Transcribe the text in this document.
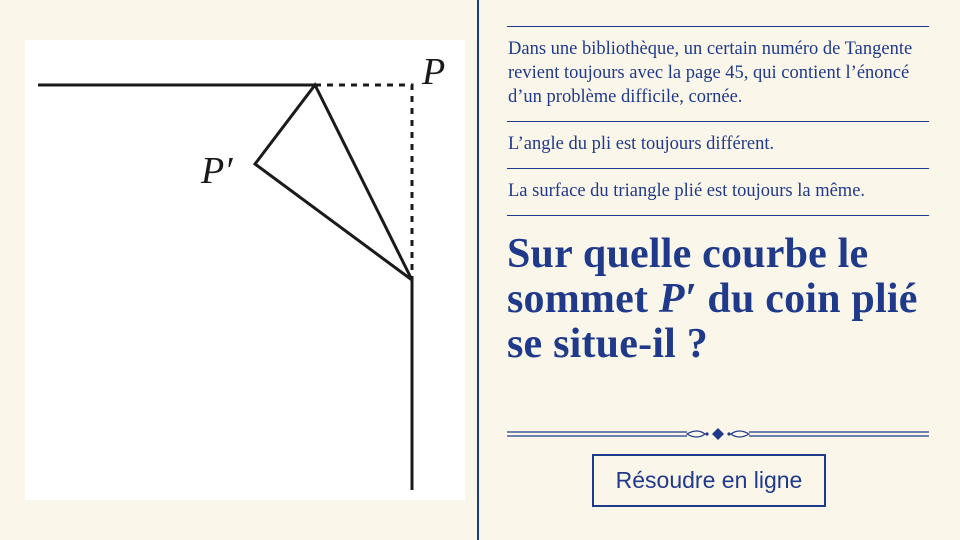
P
P′

Dans une bibliothèque, un certain numéro de Tangente revient toujours avec la page 45, qui contient l’énoncé d’un problème difficile, cornée.

L’angle du pli est toujours différent.

La surface du triangle plié est toujours la même.

Sur quelle courbe le sommet P′ du coin plié se situe-il ?

Résoudre en ligne
